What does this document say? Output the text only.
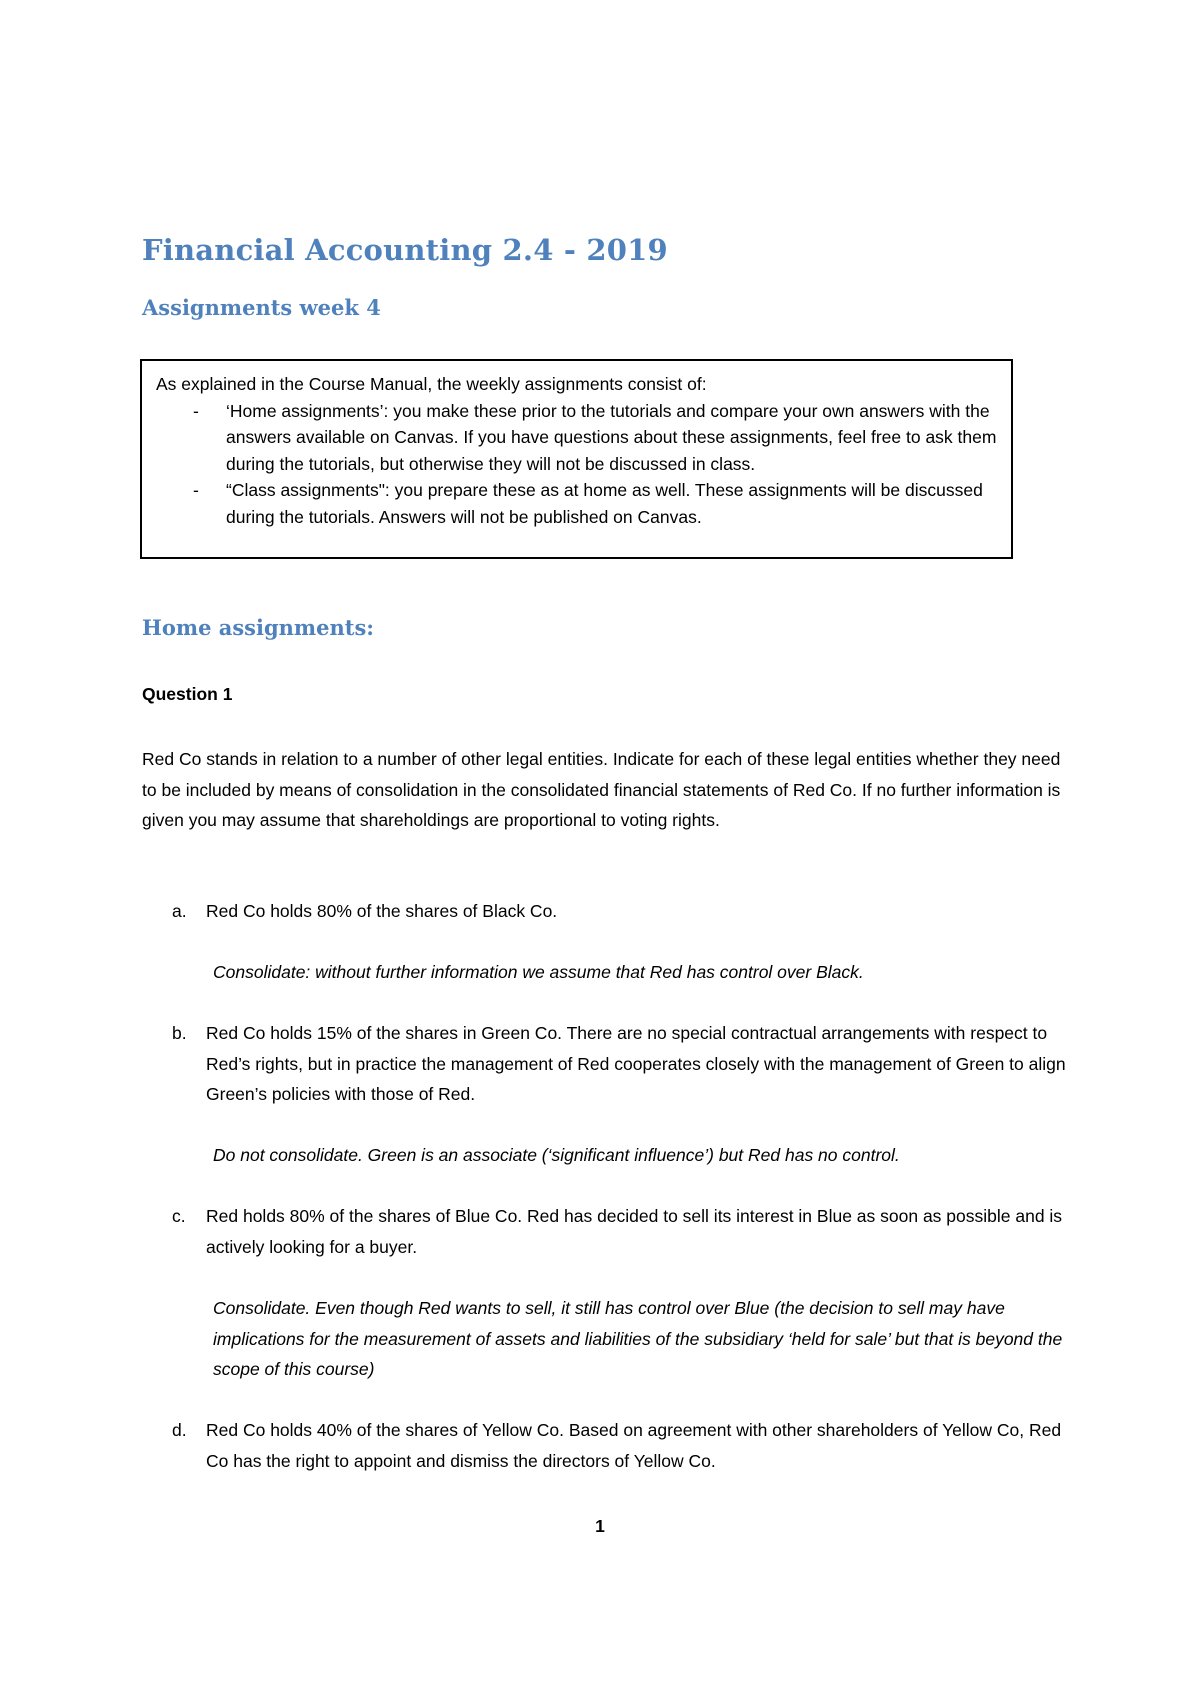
Financial Accounting 2.4 - 2019
Assignments week 4

As explained in the Course Manual, the weekly assignments consist of:

- ‘Home assignments’: you make these prior to the tutorials and compare your own answers with the answers available on Canvas. If you have questions about these assignments, feel free to ask them during the tutorials, but otherwise they will not be discussed in class.
- “Class assignments": you prepare these as at home as well. These assignments will be discussed during the tutorials. Answers will not be published on Canvas.
Home assignments:
Question 1

Red Co stands in relation to a number of other legal entities. Indicate for each of these legal entities whether they need to be included by means of consolidation in the consolidated financial statements of Red Co. If no further information is given you may assume that shareholdings are proportional to voting rights.

a. Red Co holds 80% of the shares of Black Co.

Consolidate: without further information we assume that Red has control over Black.

b. Red Co holds 15% of the shares in Green Co. There are no special contractual arrangements with respect to Red’s rights, but in practice the management of Red cooperates closely with the management of Green to align Green’s policies with those of Red.

Do not consolidate. Green is an associate (‘significant influence’) but Red has no control.

c. Red holds 80% of the shares of Blue Co. Red has decided to sell its interest in Blue as soon as possible and is actively looking for a buyer.

Consolidate. Even though Red wants to sell, it still has control over Blue (the decision to sell may have implications for the measurement of assets and liabilities of the subsidiary ‘held for sale’ but that is beyond the scope of this course)

d. Red Co holds 40% of the shares of Yellow Co. Based on agreement with other shareholders of Yellow Co, Red Co has the right to appoint and dismiss the directors of Yellow Co.
1
